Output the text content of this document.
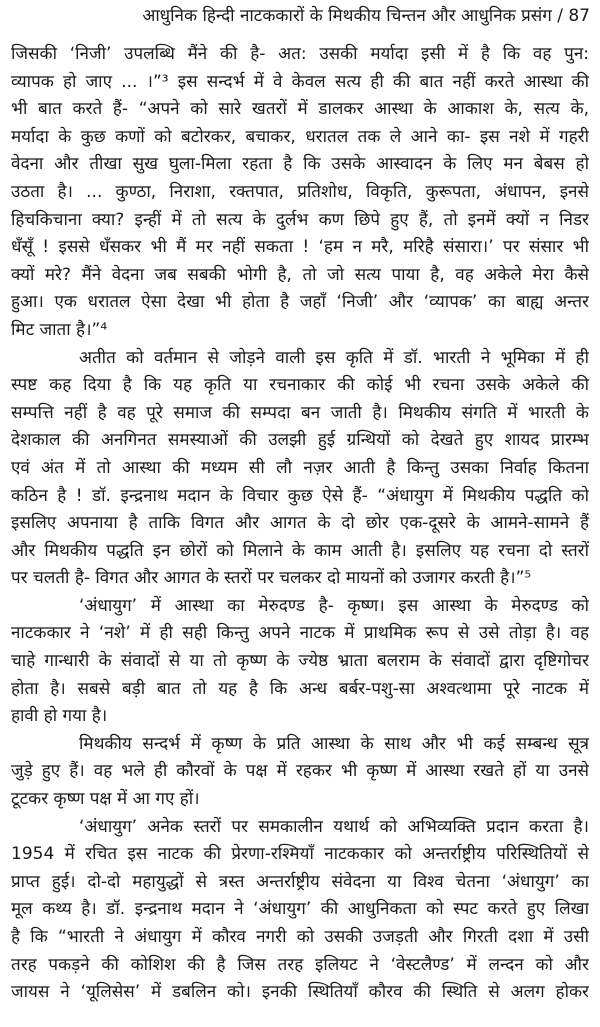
आधुनिक हिन्दी नाटककारों के मिथकीय चिन्तन और आधुनिक प्रसंग / 87
जिसकी ‘निजी’ उपलब्धि मैंने की है- अत: उसकी मर्यादा इसी में है कि वह पुन:
व्यापक हो जाए ... ।”³ इस सन्दर्भ में वे केवल सत्य ही की बात नहीं करते आस्था की
भी बात करते हैं- “अपने को सारे खतरों में डालकर आस्था के आकाश के, सत्य के,
मर्यादा के कुछ कणों को बटोरकर, बचाकर, धरातल तक ले आने का- इस नशे में गहरी
वेदना और तीखा सुख घुला-मिला रहता है कि उसके आस्वादन के लिए मन बेबस हो
उठता है। ... कुण्ठा, निराशा, रक्तपात, प्रतिशोध, विकृति, कुरूपता, अंधापन, इनसे
हिचकिचाना क्या? इन्हीं में तो सत्य के दुर्लभ कण छिपे हुए हैं, तो इनमें क्यों न निडर
धँसूँ ! इससे धँसकर भी मैं मर नहीं सकता ! ‘हम न मरै, मरिहै संसारा।’ पर संसार भी
क्यों मरे? मैंने वेदना जब सबकी भोगी है, तो जो सत्य पाया है, वह अकेले मेरा कैसे
हुआ। एक धरातल ऐसा देखा भी होता है जहाँ ‘निजी’ और ‘व्यापक’ का बाह्य अन्तर
मिट जाता है।”⁴
अतीत को वर्तमान से जोड़ने वाली इस कृति में डॉ. भारती ने भूमिका में ही
स्पष्ट कह दिया है कि यह कृति या रचनाकार की कोई भी रचना उसके अकेले की
सम्पत्ति नहीं है वह पूरे समाज की सम्पदा बन जाती है। मिथकीय संगति में भारती के
देशकाल की अनगिनत समस्याओं की उलझी हुई ग्रन्थियों को देखते हुए शायद प्रारम्भ
एवं अंत में तो आस्था की मध्यम सी लौ नज़र आती है किन्तु उसका निर्वाह कितना
कठिन है ! डॉ. इन्द्रनाथ मदान के विचार कुछ ऐसे हैं- “अंधायुग में मिथकीय पद्धति को
इसलिए अपनाया है ताकि विगत और आगत के दो छोर एक-दूसरे के आमने-सामने हैं
और मिथकीय पद्धति इन छोरों को मिलाने के काम आती है। इसलिए यह रचना दो स्तरों
पर चलती है- विगत और आगत के स्तरों पर चलकर दो मायनों को उजागर करती है।”⁵
‘अंधायुग’ में आस्था का मेरुदण्ड है- कृष्ण। इस आस्था के मेरुदण्ड को
नाटककार ने ‘नशे’ में ही सही किन्तु अपने नाटक में प्राथमिक रूप से उसे तोड़ा है। वह
चाहे गान्धारी के संवादों से या तो कृष्ण के ज्येष्ठ भ्राता बलराम के संवादों द्वारा दृष्टिगोचर
होता है। सबसे बड़ी बात तो यह है कि अन्ध बर्बर-पशु-सा अश्वत्थामा पूरे नाटक में
हावी हो गया है।
मिथकीय सन्दर्भ में कृष्ण के प्रति आस्था के साथ और भी कई सम्बन्ध सूत्र
जुड़े हुए हैं। वह भले ही कौरवों के पक्ष में रहकर भी कृष्ण में आस्था रखते हों या उनसे
टूटकर कृष्ण पक्ष में आ गए हों।
‘अंधायुग’ अनेक स्तरों पर समकालीन यथार्थ को अभिव्यक्ति प्रदान करता है।
1954 में रचित इस नाटक की प्रेरणा-रश्मियाँ नाटककार को अन्तर्राष्ट्रीय परिस्थितियों से
प्राप्त हुई। दो-दो महायुद्धों से त्रस्त अन्तर्राष्ट्रीय संवेदना या विश्व चेतना ‘अंधायुग’ का
मूल कथ्य है। डॉ. इन्द्रनाथ मदान ने ‘अंधायुग’ की आधुनिकता को स्पट करते हुए लिखा
है कि “भारती ने अंधायुग में कौरव नगरी को उसकी उजड़ती और गिरती दशा में उसी
तरह पकड़ने की कोशिश की है जिस तरह इलियट ने ‘वेस्टलैण्ड’ में लन्दन को और
जायस ने ‘यूलिसेस’ में डबलिन को। इनकी स्थितियाँ कौरव की स्थिति से अलग होकर
